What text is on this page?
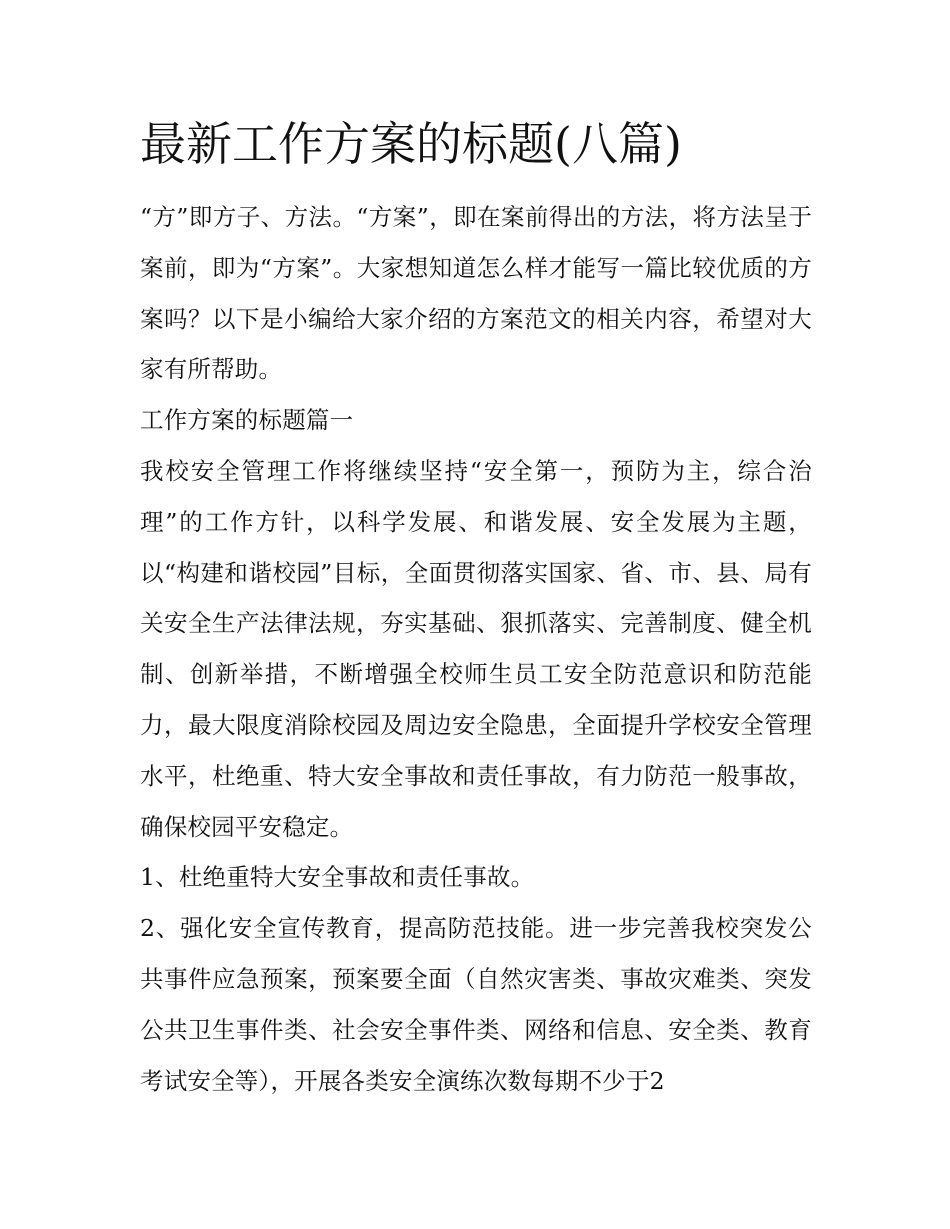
最新工作方案的标题(八篇)

“方”即方子、方法。“方案”，即在案前得出的方法，将方法呈于案前，即为“方案”。大家想知道怎么样才能写一篇比较优质的方案吗？以下是小编给大家介绍的方案范文的相关内容，希望对大家有所帮助。

工作方案的标题篇一

我校安全管理工作将继续坚持“安全第一，预防为主，综合治理”的工作方针，以科学发展、和谐发展、安全发展为主题，以“构建和谐校园”目标，全面贯彻落实国家、省、市、县、局有关安全生产法律法规，夯实基础、狠抓落实、完善制度、健全机制、创新举措，不断增强全校师生员工安全防范意识和防范能力，最大限度消除校园及周边安全隐患，全面提升学校安全管理水平，杜绝重、特大安全事故和责任事故，有力防范一般事故，确保校园平安稳定。

1、杜绝重特大安全事故和责任事故。

2、强化安全宣传教育，提高防范技能。进一步完善我校突发公共事件应急预案，预案要全面（自然灾害类、事故灾难类、突发公共卫生事件类、社会安全事件类、网络和信息、安全类、教育考试安全等），开展各类安全演练次数每期不少于2
